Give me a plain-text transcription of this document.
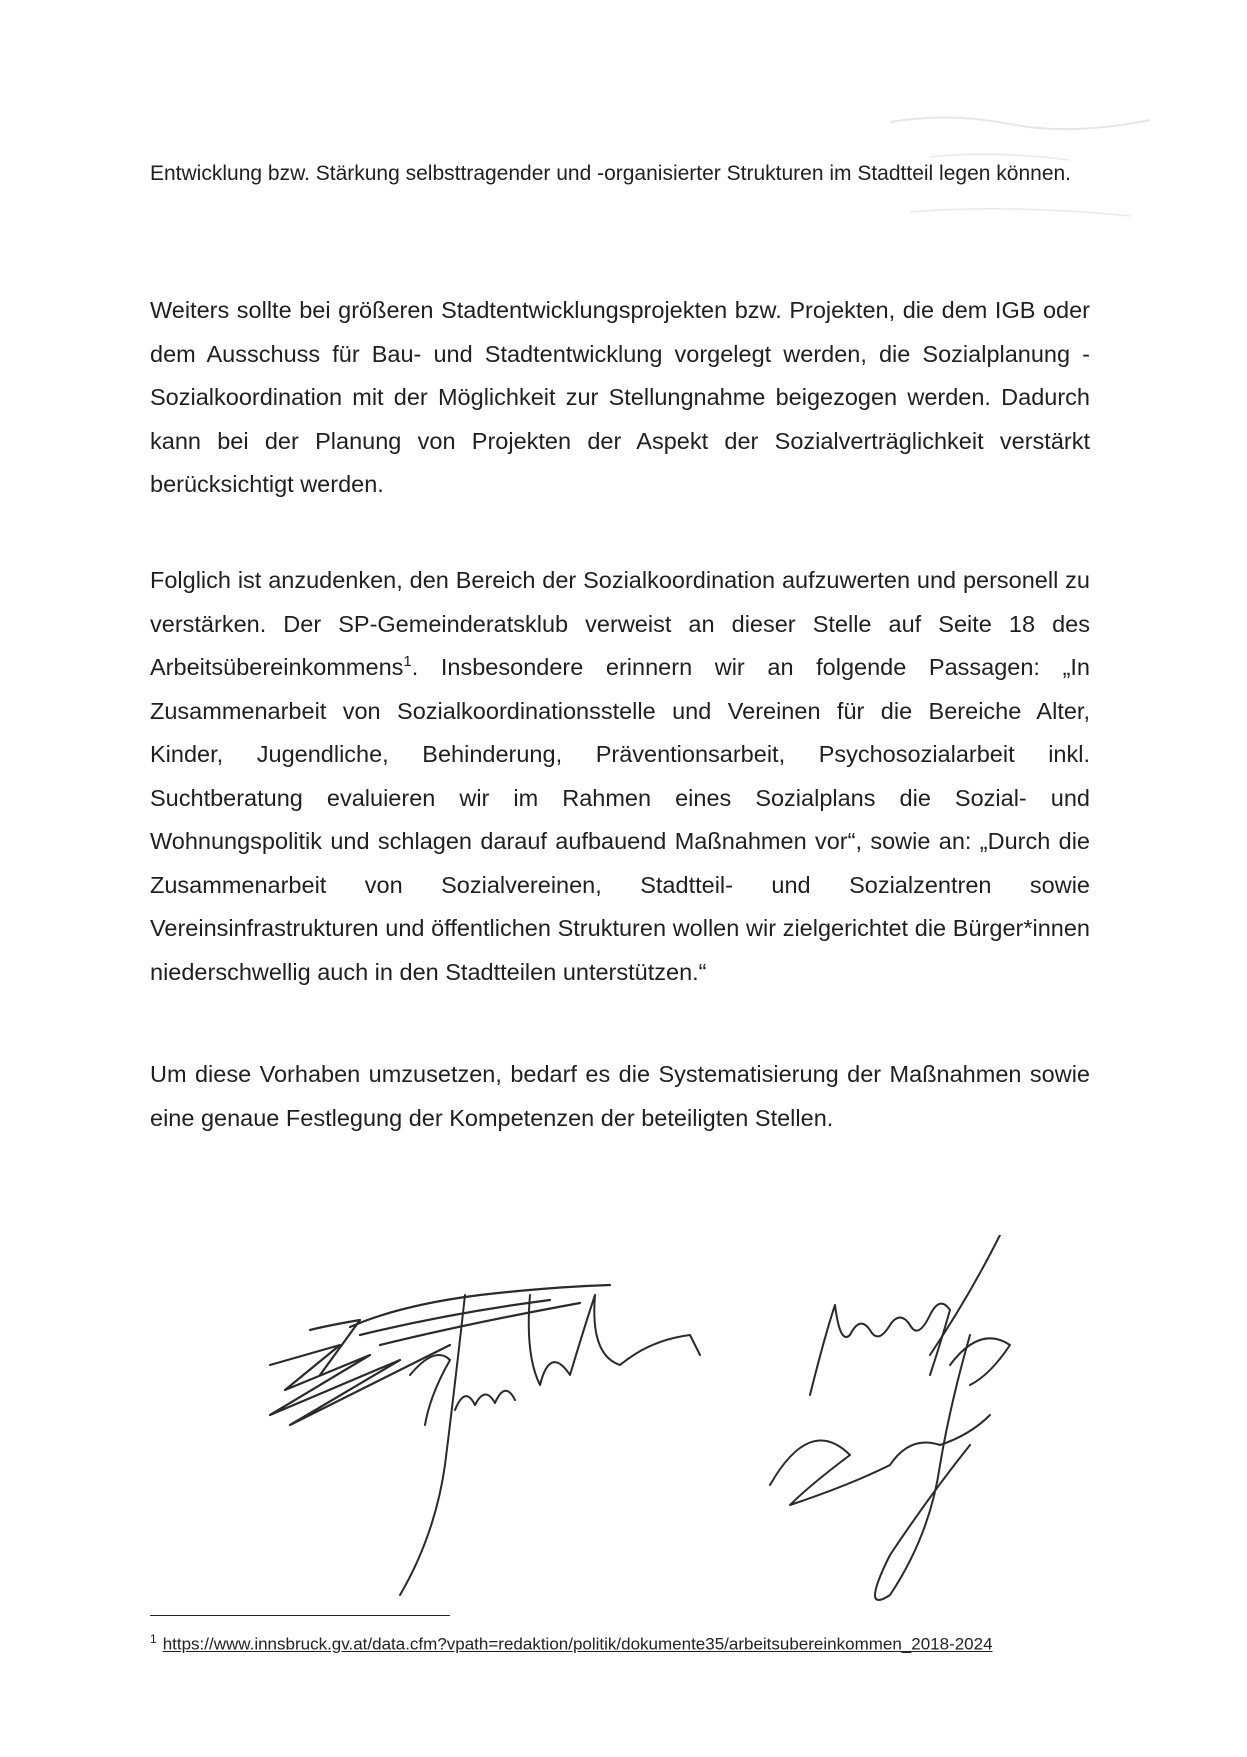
Entwicklung bzw. Stärkung selbsttragender und -organisierter Strukturen im Stadtteil legen können.

Weiters sollte bei größeren Stadtentwicklungsprojekten bzw. Projekten, die dem IGB oder dem Ausschuss für Bau- und Stadtentwicklung vorgelegt werden, die Sozialplanung - Sozialkoordination mit der Möglichkeit zur Stellungnahme beigezogen werden. Dadurch kann bei der Planung von Projekten der Aspekt der Sozialverträglichkeit verstärkt berücksichtigt werden.

Folglich ist anzudenken, den Bereich der Sozialkoordination aufzuwerten und personell zu verstärken. Der SP-Gemeinderatsklub verweist an dieser Stelle auf Seite 18 des Arbeitsübereinkommens$^1$. Insbesondere erinnern wir an folgende Passagen: „In Zusammenarbeit von Sozialkoordinationsstelle und Vereinen für die Bereiche Alter, Kinder, Jugendliche, Behinderung, Präventionsarbeit, Psychosozialarbeit inkl. Suchtberatung evaluieren wir im Rahmen eines Sozialplans die Sozial- und Wohnungspolitik und schlagen darauf aufbauend Maßnahmen vor“, sowie an: „Durch die Zusammenarbeit von Sozialvereinen, Stadtteil- und Sozialzentren sowie Vereinsinfrastrukturen und öffentlichen Strukturen wollen wir zielgerichtet die Bürger*innen niederschwellig auch in den Stadtteilen unterstützen.“

Um diese Vorhaben umzusetzen, bedarf es die Systematisierung der Maßnahmen sowie eine genaue Festlegung der Kompetenzen der beteiligten Stellen.

$^1$ https://www.innsbruck.gv.at/data.cfm?vpath=redaktion/politik/dokumente35/arbeitsubereinkommen_2018-2024
